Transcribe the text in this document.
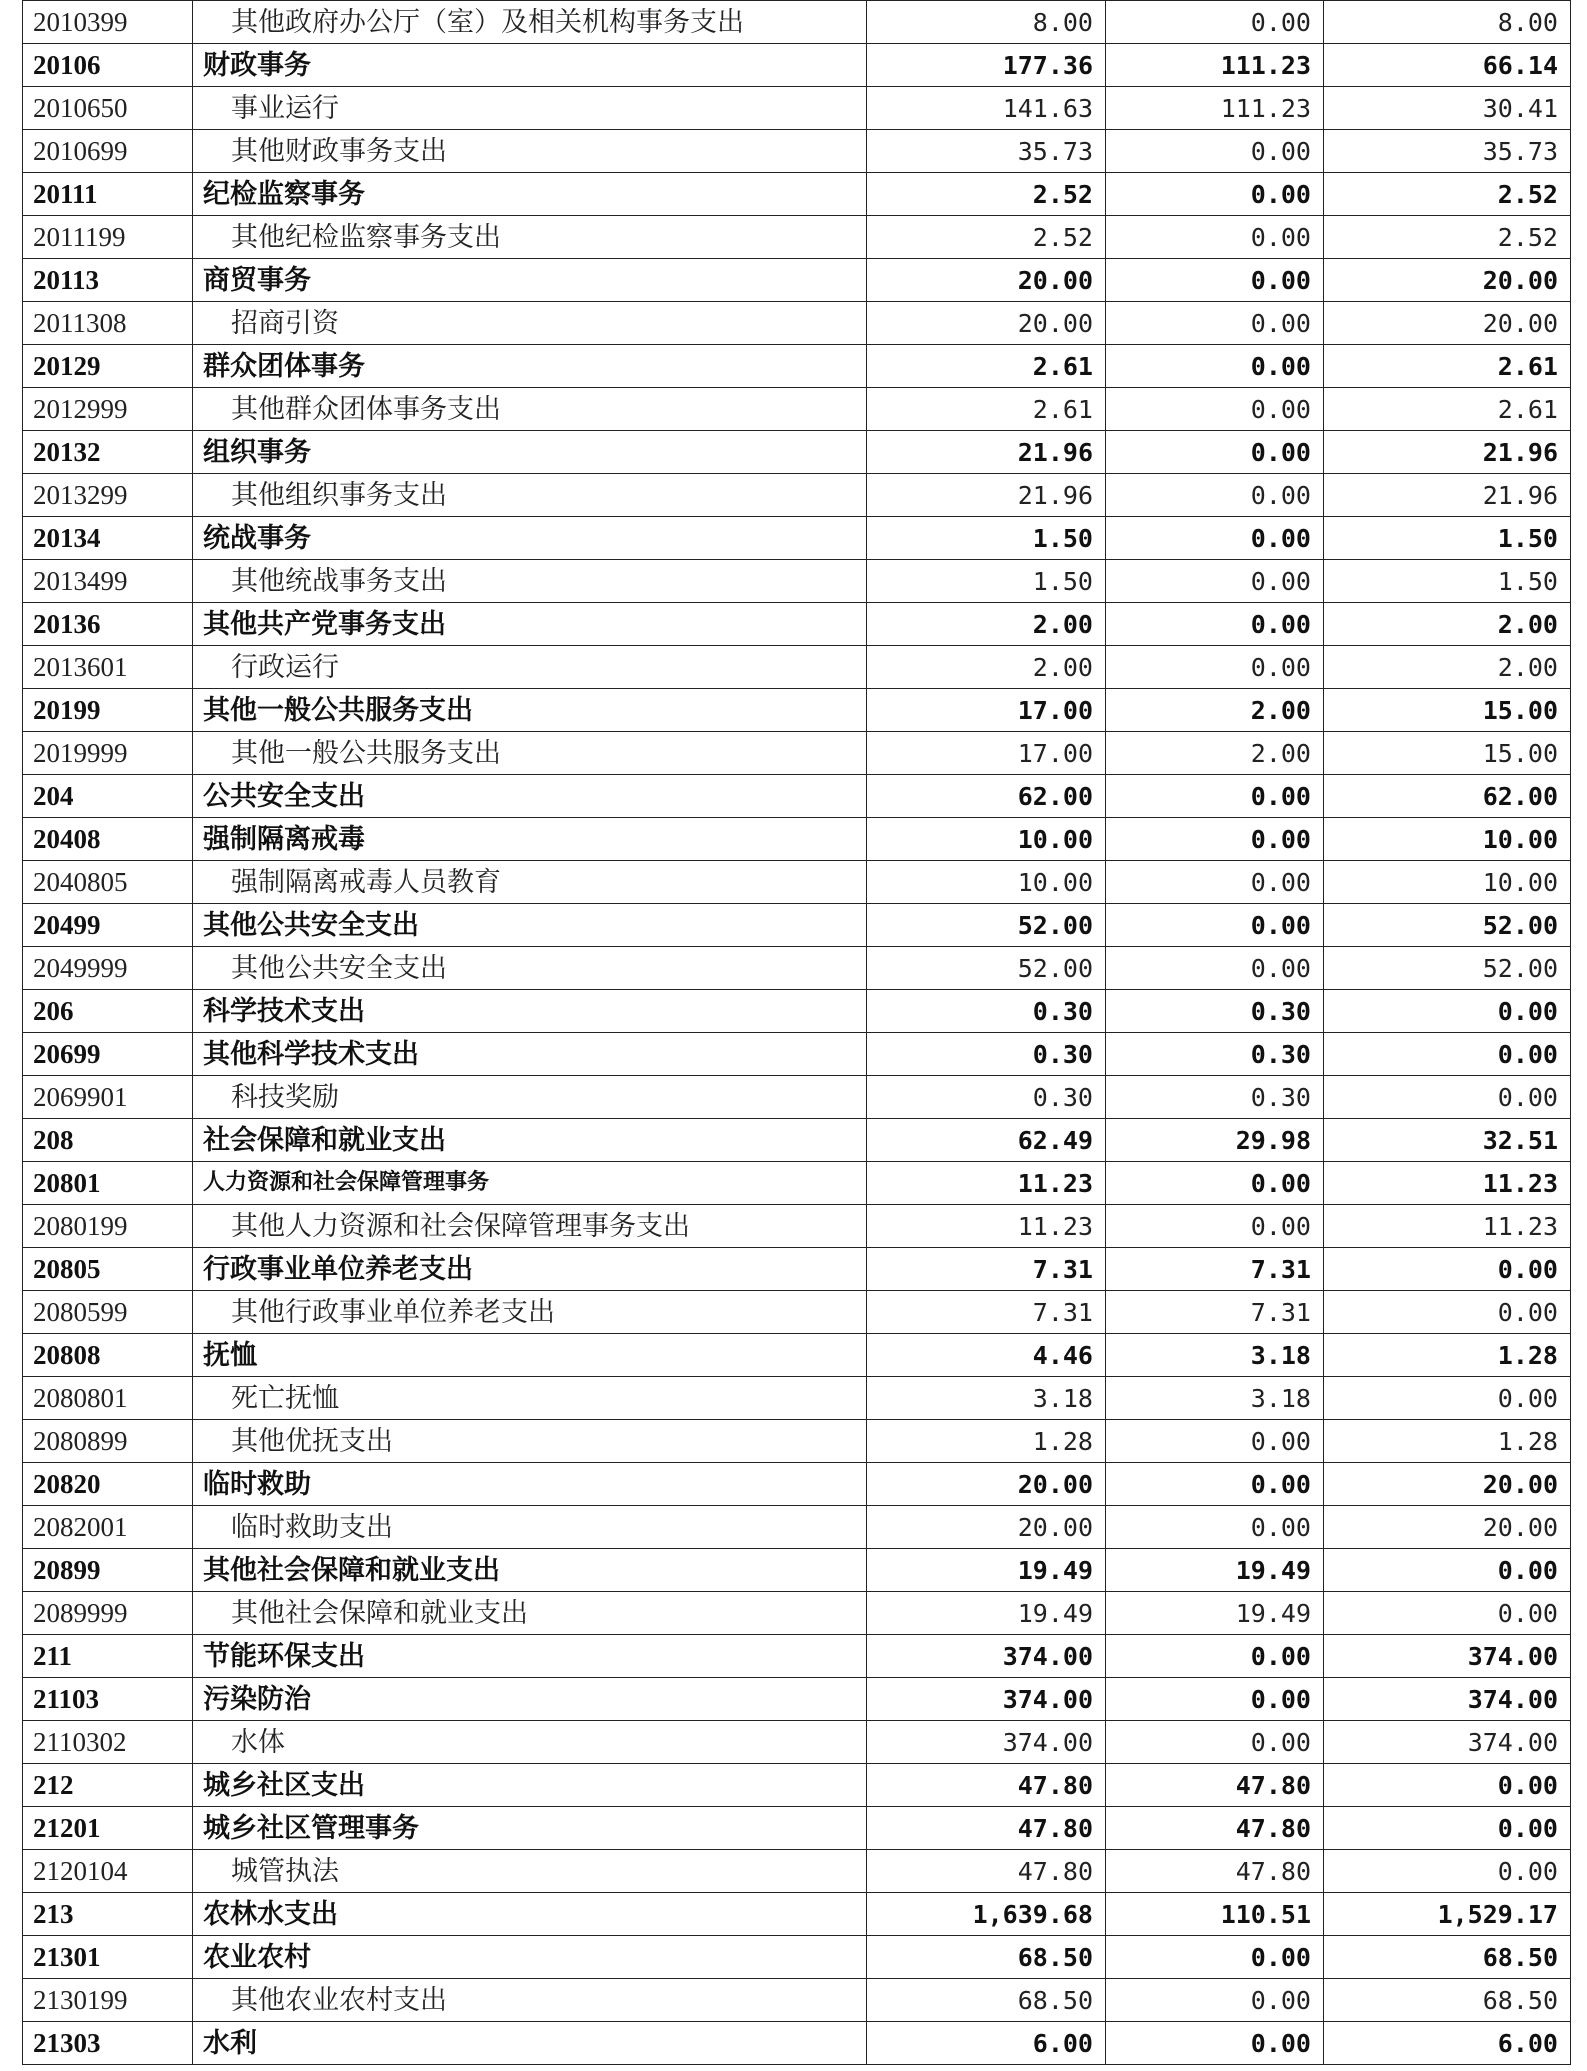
2010399	其他政府办公厅（室）及相关机构事务支出	8.00	0.00	8.00
20106	财政事务	177.36	111.23	66.14
2010650	事业运行	141.63	111.23	30.41
2010699	其他财政事务支出	35.73	0.00	35.73
20111	纪检监察事务	2.52	0.00	2.52
2011199	其他纪检监察事务支出	2.52	0.00	2.52
20113	商贸事务	20.00	0.00	20.00
2011308	招商引资	20.00	0.00	20.00
20129	群众团体事务	2.61	0.00	2.61
2012999	其他群众团体事务支出	2.61	0.00	2.61
20132	组织事务	21.96	0.00	21.96
2013299	其他组织事务支出	21.96	0.00	21.96
20134	统战事务	1.50	0.00	1.50
2013499	其他统战事务支出	1.50	0.00	1.50
20136	其他共产党事务支出	2.00	0.00	2.00
2013601	行政运行	2.00	0.00	2.00
20199	其他一般公共服务支出	17.00	2.00	15.00
2019999	其他一般公共服务支出	17.00	2.00	15.00
204	公共安全支出	62.00	0.00	62.00
20408	强制隔离戒毒	10.00	0.00	10.00
2040805	强制隔离戒毒人员教育	10.00	0.00	10.00
20499	其他公共安全支出	52.00	0.00	52.00
2049999	其他公共安全支出	52.00	0.00	52.00
206	科学技术支出	0.30	0.30	0.00
20699	其他科学技术支出	0.30	0.30	0.00
2069901	科技奖励	0.30	0.30	0.00
208	社会保障和就业支出	62.49	29.98	32.51
20801	人力资源和社会保障管理事务	11.23	0.00	11.23
2080199	其他人力资源和社会保障管理事务支出	11.23	0.00	11.23
20805	行政事业单位养老支出	7.31	7.31	0.00
2080599	其他行政事业单位养老支出	7.31	7.31	0.00
20808	抚恤	4.46	3.18	1.28
2080801	死亡抚恤	3.18	3.18	0.00
2080899	其他优抚支出	1.28	0.00	1.28
20820	临时救助	20.00	0.00	20.00
2082001	临时救助支出	20.00	0.00	20.00
20899	其他社会保障和就业支出	19.49	19.49	0.00
2089999	其他社会保障和就业支出	19.49	19.49	0.00
211	节能环保支出	374.00	0.00	374.00
21103	污染防治	374.00	0.00	374.00
2110302	水体	374.00	0.00	374.00
212	城乡社区支出	47.80	47.80	0.00
21201	城乡社区管理事务	47.80	47.80	0.00
2120104	城管执法	47.80	47.80	0.00
213	农林水支出	1,639.68	110.51	1,529.17
21301	农业农村	68.50	0.00	68.50
2130199	其他农业农村支出	68.50	0.00	68.50
21303	水利	6.00	0.00	6.00
